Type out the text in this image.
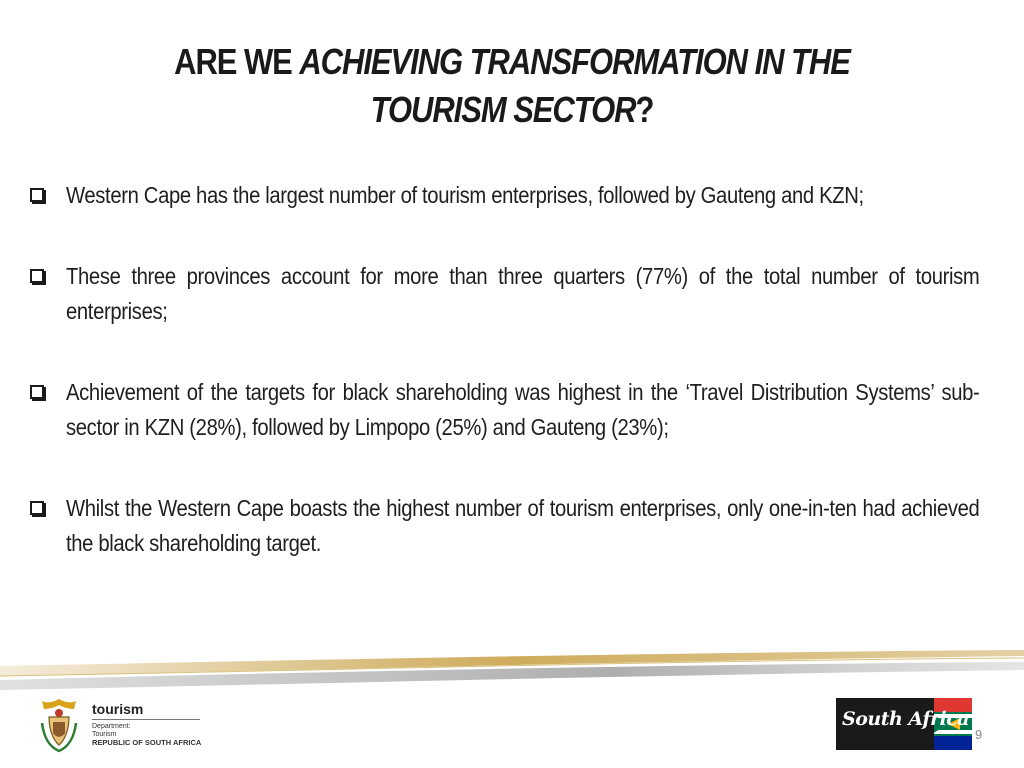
ARE WE ACHIEVING TRANSFORMATION IN THE TOURISM SECTOR?
Western Cape has the largest number of tourism enterprises, followed by Gauteng and KZN;
These three provinces account for more than three quarters (77%) of the total number of tourism enterprises;
Achievement of the targets for black shareholding was highest in the ‘Travel Distribution Systems’ sub-sector in KZN (28%), followed by Limpopo (25%) and Gauteng (23%);
Whilst the Western Cape boasts the highest number of tourism enterprises, only one-in-ten had achieved the black shareholding target.
tourism
Department:
Tourism
REPUBLIC OF SOUTH AFRICA
South Africa
9
